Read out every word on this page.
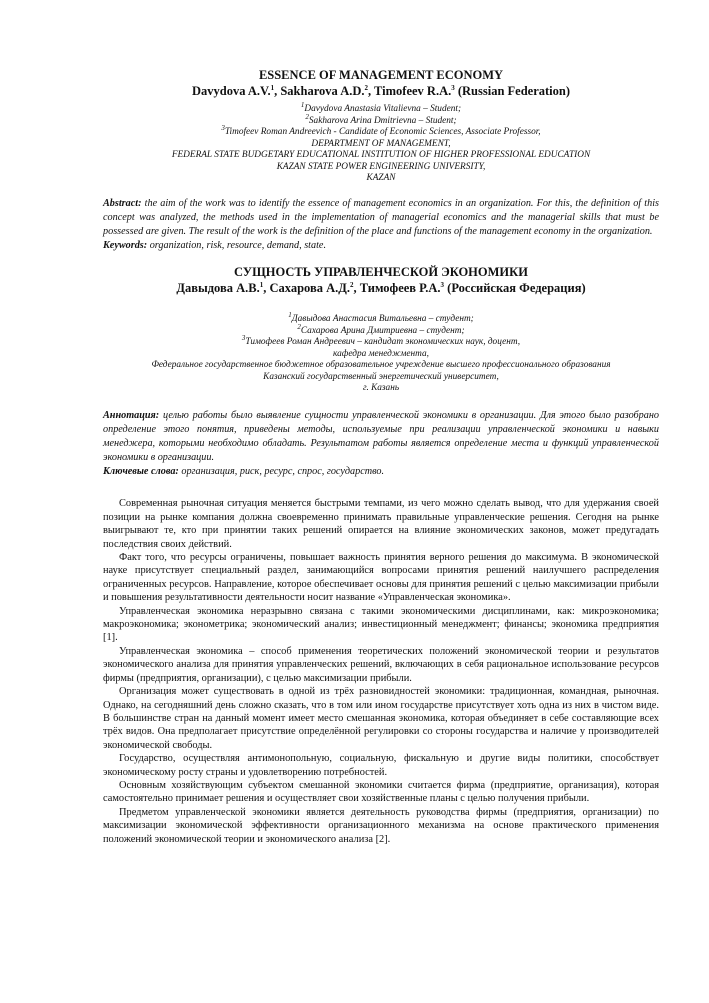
ESSENCE OF MANAGEMENT ECONOMY

Davydova A.V.$^1$, Sakharova A.D.$^2$, Timofeev R.A.$^3$ (Russian Federation)

$^1$Davydova Anastasia Vitalievna – Student;

$^2$Sakharova Arina Dmitrievna – Student;

$^3$Timofeev Roman Andreevich - Candidate of Economic Sciences, Associate Professor,

DEPARTMENT OF MANAGEMENT,

FEDERAL STATE BUDGETARY EDUCATIONAL INSTITUTION OF HIGHER PROFESSIONAL EDUCATION

KAZAN STATE POWER ENGINEERING UNIVERSITY,

KAZAN

Abstract: the aim of the work was to identify the essence of management economics in an organization. For this, the definition of this concept was analyzed, the methods used in the implementation of managerial economics and the managerial skills that must be possessed are given. The result of the work is the definition of the place and functions of the management economy in the organization.

Keywords: organization, risk, resource, demand, state.

СУЩНОСТЬ УПРАВЛЕНЧЕСКОЙ ЭКОНОМИКИ

Давыдова А.В.$^1$, Сахарова А.Д.$^2$, Тимофеев Р.А.$^3$ (Российская Федерация)

$^1$Давыдова Анастасия Витальевна – студент;

$^2$Сахарова Арина Дмитриевна – студент;

$^3$Тимофеев Роман Андреевич – кандидат экономических наук, доцент,

кафедра менеджмента,

Федеральное государственное бюджетное образовательное учреждение высшего профессионального образования

Казанский государственный энергетический университет,

г. Казань

Аннотация: целью работы было выявление сущности управленческой экономики в организации. Для этого было разобрано определение этого понятия, приведены методы, используемые при реализации управленческой экономики и навыки менеджера, которыми необходимо обладать. Результатом работы является определение места и функций управленческой экономики в организации.

Ключевые слова: организация, риск, ресурс, спрос, государство.

Современная рыночная ситуация меняется быстрыми темпами, из чего можно сделать вывод, что для удержания своей позиции на рынке компания должна своевременно принимать правильные управленческие решения. Сегодня на рынке выигрывают те, кто при принятии таких решений опирается на влияние экономических законов, может предугадать последствия своих действий.

Факт того, что ресурсы ограничены, повышает важность принятия верного решения до максимума. В экономической науке присутствует специальный раздел, занимающийся вопросами принятия решений наилучшего распределения ограниченных ресурсов. Направление, которое обеспечивает основы для принятия решений с целью максимизации прибыли и повышения результативности деятельности носит название «Управленческая экономика».

Управленческая экономика неразрывно связана с такими экономическими дисциплинами, как: микроэкономика; макроэкономика; эконометрика; экономический анализ; инвестиционный менеджмент; финансы; экономика предприятия [1].

Управленческая экономика – способ применения теоретических положений экономической теории и результатов экономического анализа для принятия управленческих решений, включающих в себя рациональное использование ресурсов фирмы (предприятия, организации), с целью максимизации прибыли.

Организация может существовать в одной из трёх разновидностей экономики: традиционная, командная, рыночная. Однако, на сегодняшний день сложно сказать, что в том или ином государстве присутствует хоть одна из них в чистом виде. В большинстве стран на данный момент имеет место смешанная экономика, которая объединяет в себе составляющие всех трёх видов. Она предполагает присутствие определённой регулировки со стороны государства и наличие у производителей экономической свободы.

Государство, осуществляя антимонопольную, социальную, фискальную и другие виды политики, способствует экономическому росту страны и удовлетворению потребностей.

Основным хозяйствующим субъектом смешанной экономики считается фирма (предприятие, организация), которая самостоятельно принимает решения и осуществляет свои хозяйственные планы с целью получения прибыли.

Предметом управленческой экономики является деятельность руководства фирмы (предприятия, организации) по максимизации экономической эффективности организационного механизма на основе практического применения положений экономической теории и экономического анализа [2].
